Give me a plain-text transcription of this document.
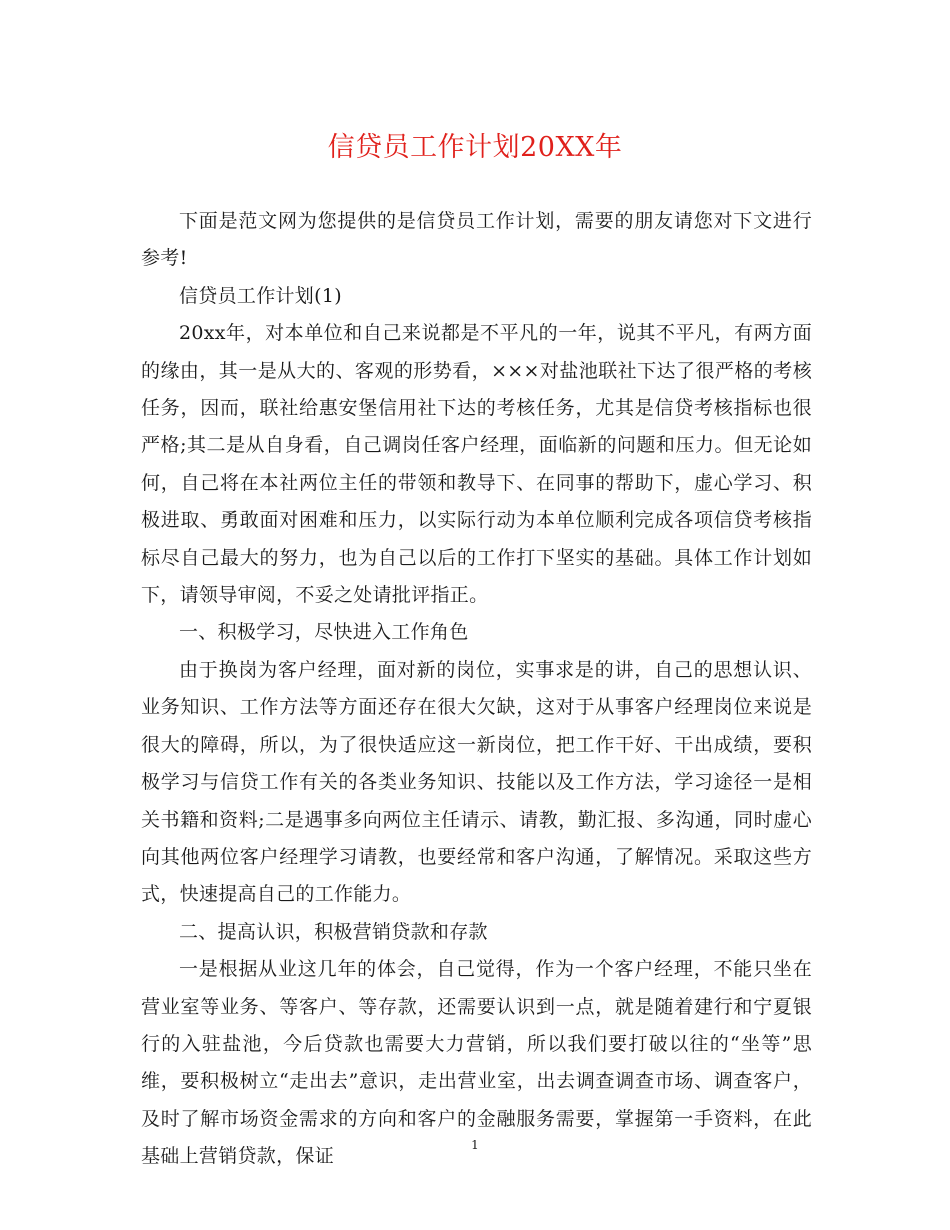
信贷员工作计划20XX年

下面是范文网为您提供的是信贷员工作计划，需要的朋友请您对下文进行参考!

信贷员工作计划(1)

20xx年，对本单位和自己来说都是不平凡的一年，说其不平凡，有两方面的缘由，其一是从大的、客观的形势看，×××对盐池联社下达了很严格的考核任务，因而，联社给惠安堡信用社下达的考核任务，尤其是信贷考核指标也很严格;其二是从自身看，自己调岗任客户经理，面临新的问题和压力。但无论如何，自己将在本社两位主任的带领和教导下、在同事的帮助下，虚心学习、积极进取、勇敢面对困难和压力，以实际行动为本单位顺利完成各项信贷考核指标尽自己最大的努力，也为自己以后的工作打下坚实的基础。具体工作计划如下，请领导审阅，不妥之处请批评指正。

一、积极学习，尽快进入工作角色

由于换岗为客户经理，面对新的岗位，实事求是的讲，自己的思想认识、业务知识、工作方法等方面还存在很大欠缺，这对于从事客户经理岗位来说是很大的障碍，所以，为了很快适应这一新岗位，把工作干好、干出成绩，要积极学习与信贷工作有关的各类业务知识、技能以及工作方法，学习途径一是相关书籍和资料;二是遇事多向两位主任请示、请教，勤汇报、多沟通，同时虚心向其他两位客户经理学习请教，也要经常和客户沟通，了解情况。采取这些方式，快速提高自己的工作能力。

二、提高认识，积极营销贷款和存款

一是根据从业这几年的体会，自己觉得，作为一个客户经理，不能只坐在营业室等业务、等客户、等存款，还需要认识到一点，就是随着建行和宁夏银行的入驻盐池，今后贷款也需要大力营销，所以我们要打破以往的“坐等”思维，要积极树立“走出去”意识，走出营业室，出去调查调查市场、调查客户，及时了解市场资金需求的方向和客户的金融服务需要，掌握第一手资料，在此基础上营销贷款，保证

1
